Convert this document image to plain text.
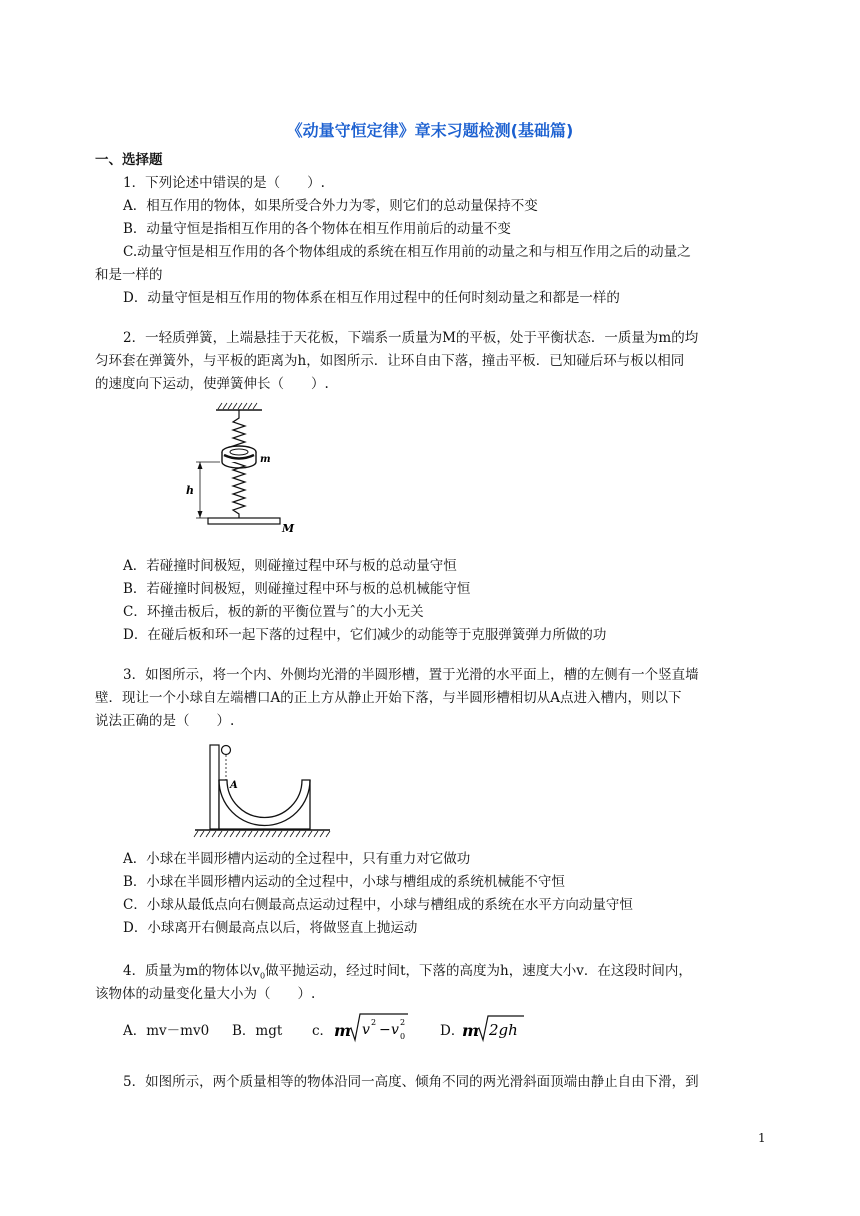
《动量守恒定律》章末习题检测(基础篇)
一、选择题
1．下列论述中错误的是（　　）.
A．相互作用的物体，如果所受合外力为零，则它们的总动量保持不变
B．动量守恒是指相互作用的各个物体在相互作用前后的动量不变
C.动量守恒是相互作用的各个物体组成的系统在相互作用前的动量之和与相互作用之后的动量之
和是一样的
D．动量守恒是相互作用的物体系在相互作用过程中的任何时刻动量之和都是一样的
2．一轻质弹簧，上端悬挂于天花板，下端系一质量为M的平板，处于平衡状态．一质量为m的均
匀环套在弹簧外，与平板的距离为h，如图所示．让环自由下落，撞击平板．已知碰后环与板以相同
的速度向下运动，使弹簧伸长（　　）.
h
m
M
A．若碰撞时间极短，则碰撞过程中环与板的总动量守恒
B．若碰撞时间极短，则碰撞过程中环与板的总机械能守恒
C．环撞击板后，板的新的平衡位置与ˆ的大小无关
D．在碰后板和环一起下落的过程中，它们减少的动能等于克服弹簧弹力所做的功
3．如图所示，将一个内、外侧均光滑的半圆形槽，置于光滑的水平面上，槽的左侧有一个竖直墙
壁．现让一个小球自左端槽口A的正上方从静止开始下落，与半圆形槽相切从A点进入槽内，则以下
说法正确的是（　　）.
A
A．小球在半圆形槽内运动的全过程中，只有重力对它做功
B．小球在半圆形槽内运动的全过程中，小球与槽组成的系统机械能不守恒
C．小球从最低点向右侧最高点运动过程中，小球与槽组成的系统在水平方向动量守恒
D．小球离开右侧最高点以后，将做竖直上抛运动
4．质量为m的物体以$v_0$做平抛运动，经过时间t，下落的高度为h，速度大小v．在这段时间内，
该物体的动量变化量大小为（　　）.
A．mv－mv0 B．mgt c． m v 2 − v 2
0	D．
m 2gh
5．如图所示，两个质量相等的物体沿同一高度、倾角不同的两光滑斜面顶端由静止自由下滑，到
1
